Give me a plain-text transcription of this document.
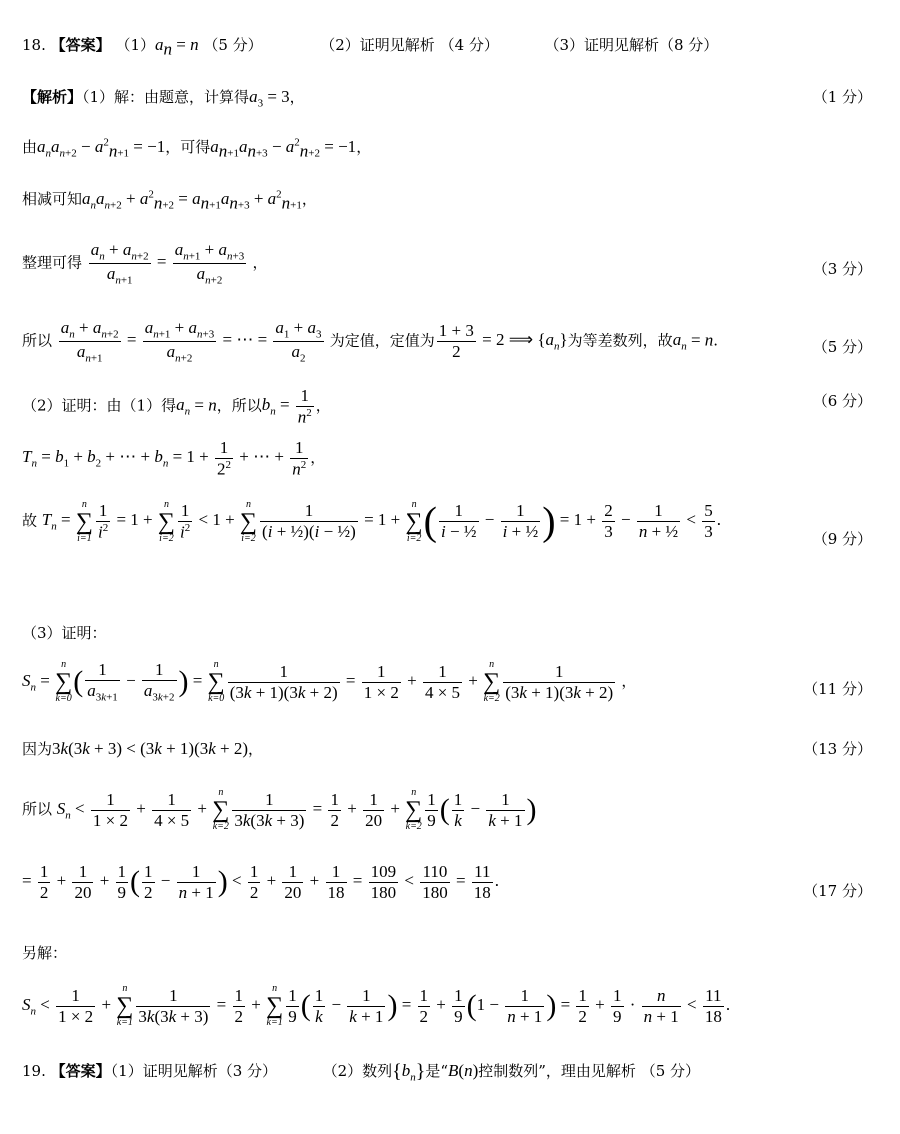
18. 【答案】 $(1)a_n = n$ （5 分）	（2）证明见解析 （4 分）	（3）证明见解析（8 分）
【解析】（1）解：由题意，计算得$a_3 = 3$，	（1 分）
由$a_na_{n+2} - a^2_{n+1} = -1$，可得$a_{n+1}a_{n+3} - a^2_{n+2} = -1$，
相减可知$a_na_{n+2} + a^2_{n+2} = a_{n+1}a_{n+3} + a^2_{n+1}$，
整理可得 $\frac{a_n + a_{n+2}}{a_{n+1}} = \frac{a_{n+1} + a_{n+3}}{a_{n+2}}$ ，	（3 分）
所以 $\frac{a_n + a_{n+2}}{a_{n+1}} = \frac{a_{n+1} + a_{n+3}}{a_{n+2}}$ = ⋯ = $\frac{a_1 + a_3}{a_2}$ 为定值，定值为 $\frac{1 + 3}{2} = 2$ ⟹ $\{a_n\}$为等差数列，故$a_n = n$.	（5 分）
（2）证明：由（1）得$a_n = n$，所以$b_n = \frac{1}{n^2}$ ，	（6 分）
$T_n = b_1 + b_2$ + ⋯ + $b_n = 1 + \frac{1}{2^2}$ + ⋯ + $\frac{1}{n^2}$ ，
故 $T_n$ =
n
∑
$i=1 \frac{1}{i^2} = 1$ +
n
∑
$i=2 \frac{1}{i^2} < 1$ +
n
∑
$i=2 \frac{1}{\text{(i + ½)(i − ½)}} = 1$ +
n
∑
i=2 ( $\frac{1}{\text{i − ½}} - \frac{1}{\text{i + ½}}$ ) = $1 + \frac{2}{3} - \frac{1}{\text{n + ½}} < \frac{5}{3}$ .
（9 分）
（3）证明：
$S_n$ =
n
∑
k=0
( $\frac{1}{a_{3k+1}} - \frac{1}{a_{3k+2}}$ ) =
n
∑
$k=0 \frac{1}{(3k + 1)(3k + 2)} = \frac{1}{1 \times 2} + \frac{1}{4 \times 5}$ +
n
∑
$k=2 \frac{1}{(3k + 1)(3k + 2)}$ ，	（11 分）
因为3k(3k + 3) < (3k + 1)(3k + 2)，	（13 分）
所以 $S_n < \frac{1}{1 \times 2} + \frac{1}{4 \times 5}$ +
n
∑
$k=2 \frac{1}{3k(3k + 3)} = \frac{1}{2} + \frac{1}{20}$ +
n
∑
$k=2 \frac{1}{9}$ ( $\frac{1}{k} - \frac{1}{k + 1}$ )
= $\frac{1}{2} + \frac{1}{20} + \frac{1}{9}$ ( $\frac{1}{2} - \frac{1}{n + 1}$ ) < $\frac{1}{2} + \frac{1}{20} + \frac{1}{18} = \frac{109}{180} < \frac{110}{180} = \frac{11}{18}$ .
（17 分）
另解：
$S_n < \frac{1}{1 \times 2}$ +
n
∑
$k=1 \frac{1}{3k(3k + 3)} = \frac{1}{2}$ +
n
∑
$k=1 \frac{1}{9}$ ( $\frac{1}{k} - \frac{1}{k + 1}$ ) = $\frac{1}{2} + \frac{1}{9} (1 - \frac{1}{n + 1}$ ) = $\frac{1}{2} + \frac{1}{9} \cdot \frac{n}{n + 1} < \frac{11}{18}$ .
19. 【答案】（1）证明见解析（3 分）	（2）数列$\{b_n\}$是“B(n)控制数列”，理由见解析 （5 分）
